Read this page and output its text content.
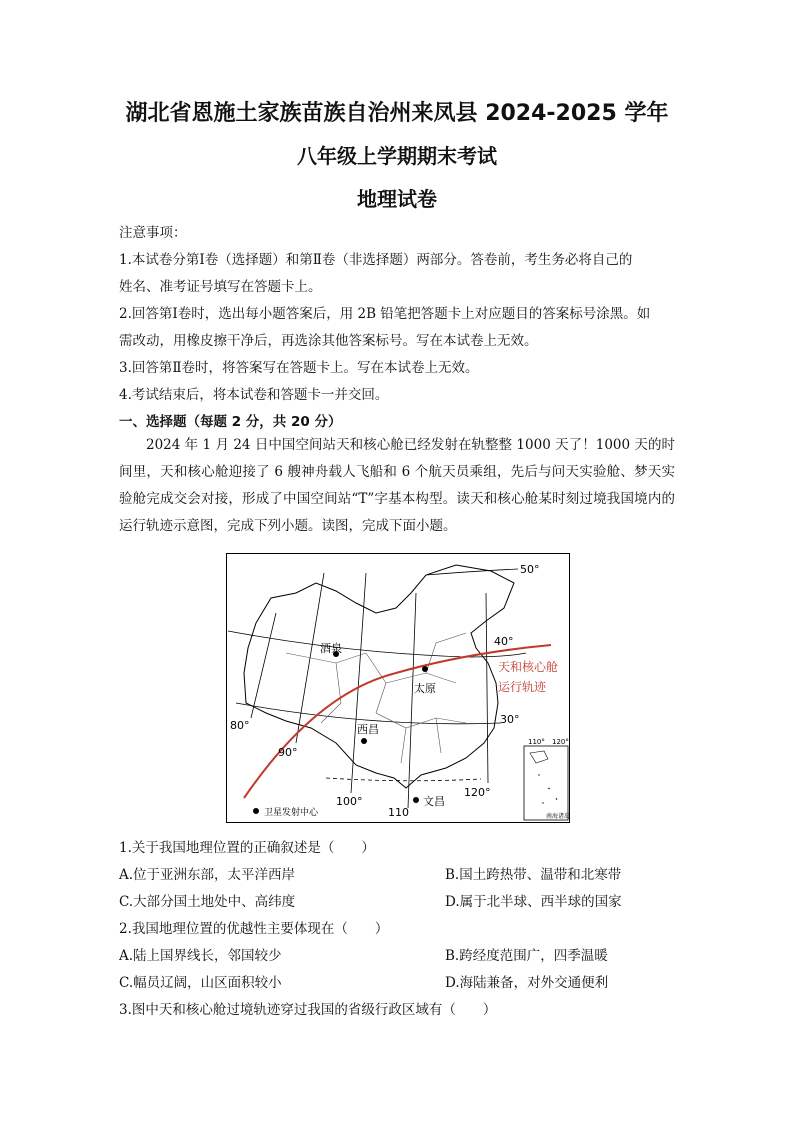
湖北省恩施土家族苗族自治州来凤县 2024-2025 学年
八年级上学期期末考试
地理试卷
注意事项：
1.本试卷分第Ⅰ卷（选择题）和第Ⅱ卷（非选择题）两部分。答卷前，考生务必将自己的
姓名、准考证号填写在答题卡上。
2.回答第Ⅰ卷时，选出每小题答案后，用 2B 铅笔把答题卡上对应题目的答案标号涂黑。如
需改动，用橡皮擦干净后，再选涂其他答案标号。写在本试卷上无效。
3.回答第Ⅱ卷时，将答案写在答题卡上。写在本试卷上无效。
4.考试结束后，将本试卷和答题卡一并交回。
一、选择题（每题 2 分，共 20 分）
2024 年 1 月 24 日中国空间站天和核心舱已经发射在轨整整 1000 天了！1000 天的时间里，天和核心舱迎接了 6 艘神舟载人飞船和 6 个航天员乘组，先后与问天实验舱、梦天实验舱完成交会对接，形成了中国空间站“T”字基本构型。读天和核心舱某时刻过境我国境内的运行轨迹示意图，完成下列小题。读图，完成下面小题。
酒泉
太原
西昌
文昌
天和核心舱
运行轨迹
50°
40°
30°
80°
90°
100°
110
120°
卫星发射中心
110° 120°
南海诸岛
1.关于我国地理位置的正确叙述是（　　）
A.位于亚洲东部，太平洋西岸	B.国土跨热带、温带和北寒带
C.大部分国土地处中、高纬度	D.属于北半球、西半球的国家
2.我国地理位置的优越性主要体现在（　　）
A.陆上国界线长，邻国较少	B.跨经度范围广，四季温暖
C.幅员辽阔，山区面积较小	D.海陆兼备，对外交通便利
3.图中天和核心舱过境轨迹穿过我国的省级行政区域有（　　）
